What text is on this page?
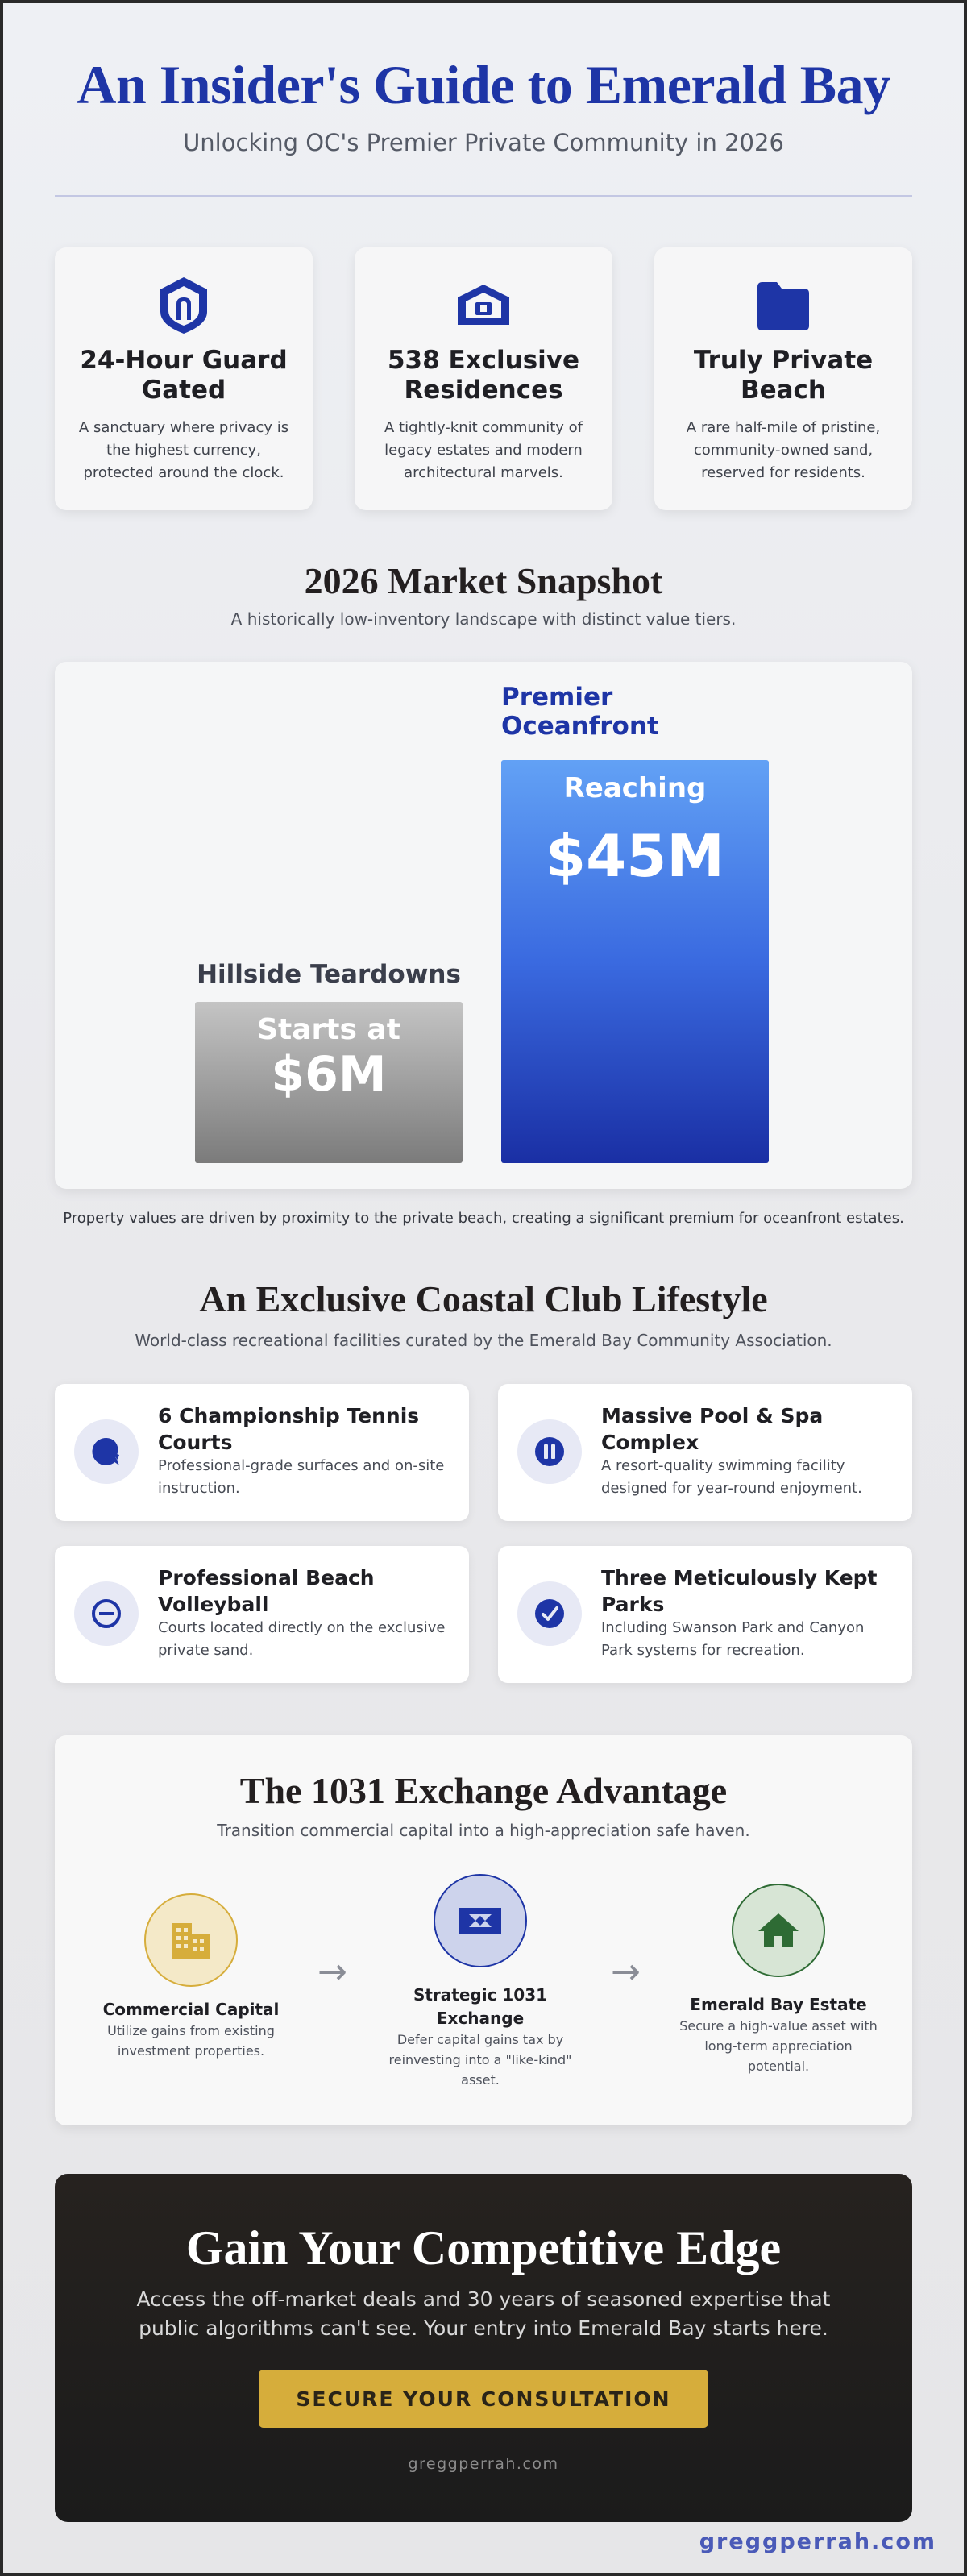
An Insider's Guide to Emerald Bay
Unlocking OC's Premier Private Community in 2026
24-Hour Guard Gated

A sanctuary where privacy is the highest currency, protected around the clock.

538 Exclusive Residences

A tightly-knit community of legacy estates and modern architectural marvels.

Truly Private Beach

A rare half-mile of pristine, community-owned sand, reserved for residents.

2026 Market Snapshot
A historically low-inventory landscape with distinct value tiers.
Starts at
$6M
Hillside Teardowns
Reaching
$45M
Premier Oceanfront
Property values are driven by proximity to the private beach, creating a significant premium for oceanfront estates.
An Exclusive Coastal Club Lifestyle
World-class recreational facilities curated by the Emerald Bay Community Association.
6 Championship Tennis Courts

Professional-grade surfaces and on-site instruction.

Massive Pool & Spa Complex

A resort-quality swimming facility designed for year-round enjoyment.

Professional Beach Volleyball

Courts located directly on the exclusive private sand.

Three Meticulously Kept Parks

Including Swanson Park and Canyon Park systems for recreation.

The 1031 Exchange Advantage
Transition commercial capital into a high-appreciation safe haven.
Commercial Capital

Utilize gains from existing investment properties.

→
Strategic 1031 Exchange

Defer capital gains tax by reinvesting into a "like-kind" asset.

→
Emerald Bay Estate

Secure a high-value asset with long-term appreciation potential.

Gain Your Competitive Edge
Access the off-market deals and 30 years of seasoned expertise that public algorithms can't see. Your entry into Emerald Bay starts here.
SECURE YOUR CONSULTATION
greggperrah.com
greggperrah.com
